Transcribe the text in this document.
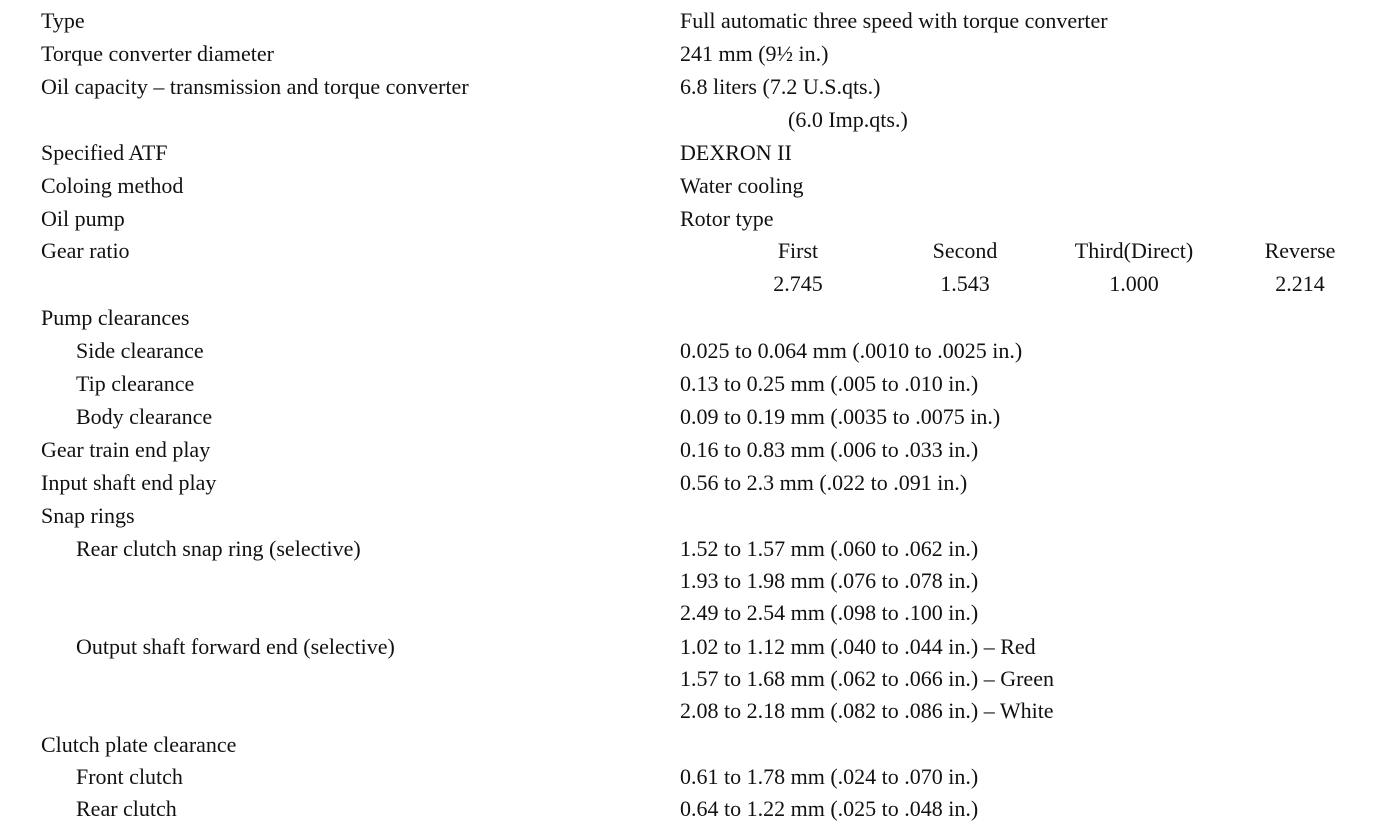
Type	Full automatic three speed with torque converter
Torque converter diameter	241 mm (9½ in.)
Oil capacity – transmission and torque converter	6.8 liters (7.2 U.S.qts.)
(6.0 Imp.qts.)
Specified ATF	DEXRON II
Coloing method	Water cooling
Oil pump	Rotor type
Gear ratio	First	Second	Third(Direct)	Reverse
2.745	1.543	1.000	2.214
Pump clearances
Side clearance	0.025 to 0.064 mm (.0010 to .0025 in.)
Tip clearance	0.13 to 0.25 mm (.005 to .010 in.)
Body clearance	0.09 to 0.19 mm (.0035 to .0075 in.)
Gear train end play	0.16 to 0.83 mm (.006 to .033 in.)
Input shaft end play	0.56 to 2.3 mm (.022 to .091 in.)
Snap rings
Rear clutch snap ring (selective)	1.52 to 1.57 mm (.060 to .062 in.)
1.93 to 1.98 mm (.076 to .078 in.)
2.49 to 2.54 mm (.098 to .100 in.)
Output shaft forward end (selective)	1.02 to 1.12 mm (.040 to .044 in.) – Red
1.57 to 1.68 mm (.062 to .066 in.) – Green
2.08 to 2.18 mm (.082 to .086 in.) – White
Clutch plate clearance
Front clutch	0.61 to 1.78 mm (.024 to .070 in.)
Rear clutch	0.64 to 1.22 mm (.025 to .048 in.)
